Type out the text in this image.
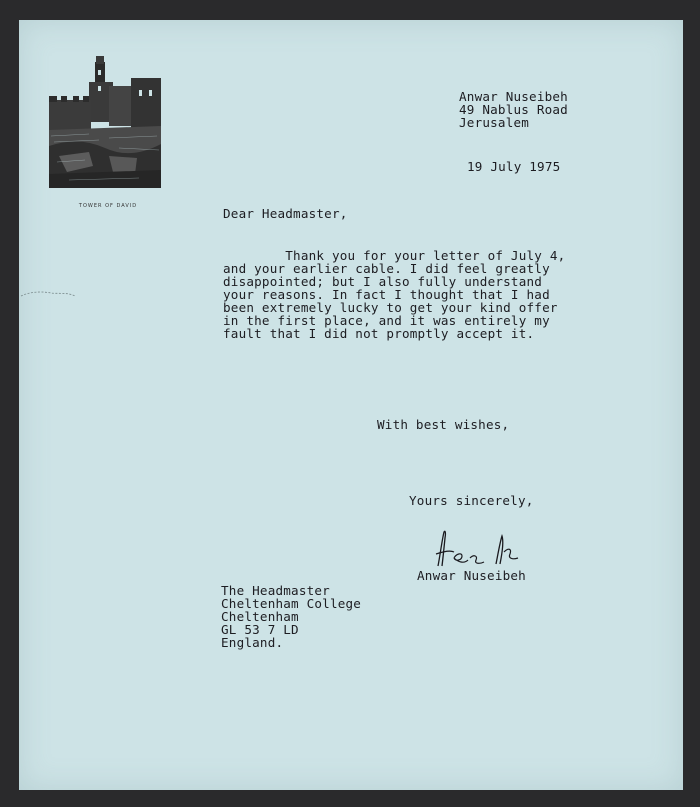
TOWER OF DAVID
Anwar Nuseibeh
49 Nablus Road
Jerusalem
19 July 1975
Dear Headmaster,
Thank you for your letter of July 4,
and your earlier cable. I did feel greatly
disappointed; but I also fully understand
your reasons. In fact I thought that I had
been extremely lucky to get your kind offer
in the first place, and it was entirely my
fault that I did not promptly accept it.
With best wishes,
Yours sincerely,
Anwar Nuseibeh
The Headmaster
Cheltenham College
Cheltenham
GL 53 7 LD
England.
